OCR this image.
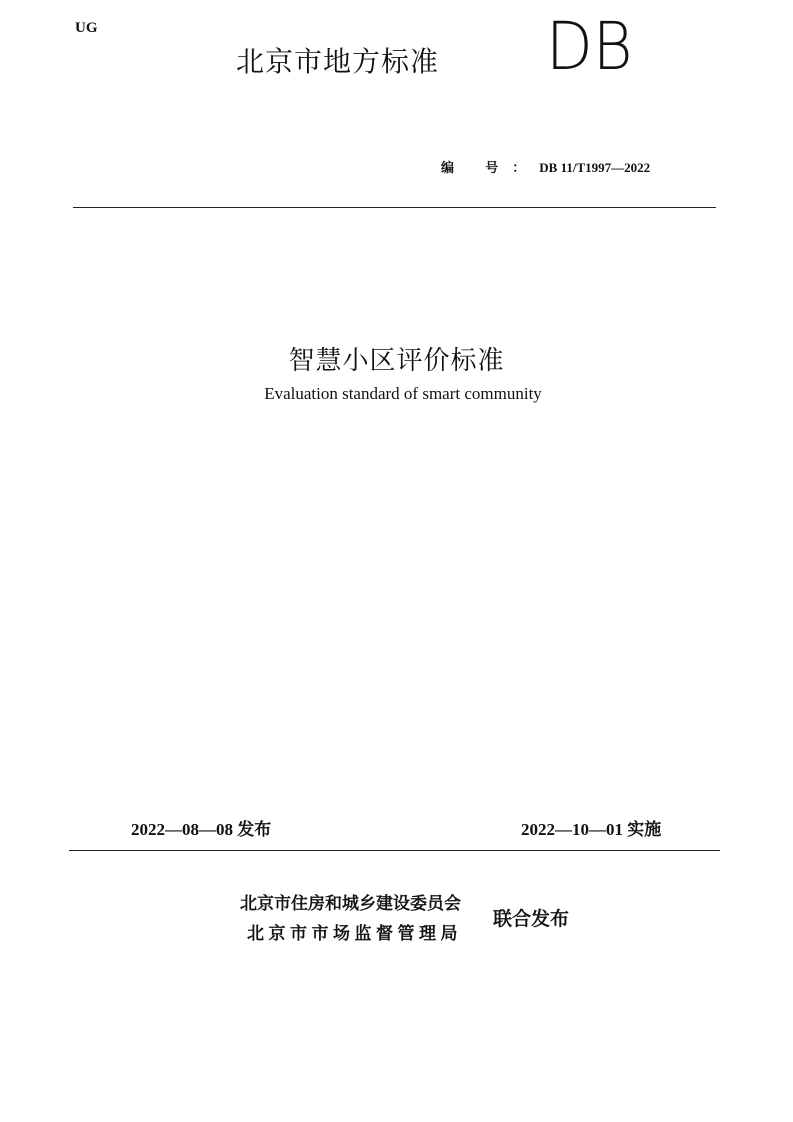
UG
北京市地方标准 DB
编 号：DB 11/T1997—2022
智慧小区评价标准
Evaluation standard of smart community
2022—08—08 发布	2022—10—01 实施
北京市住房和城乡建设委员会
北京市市场监督管理局
联合发布
